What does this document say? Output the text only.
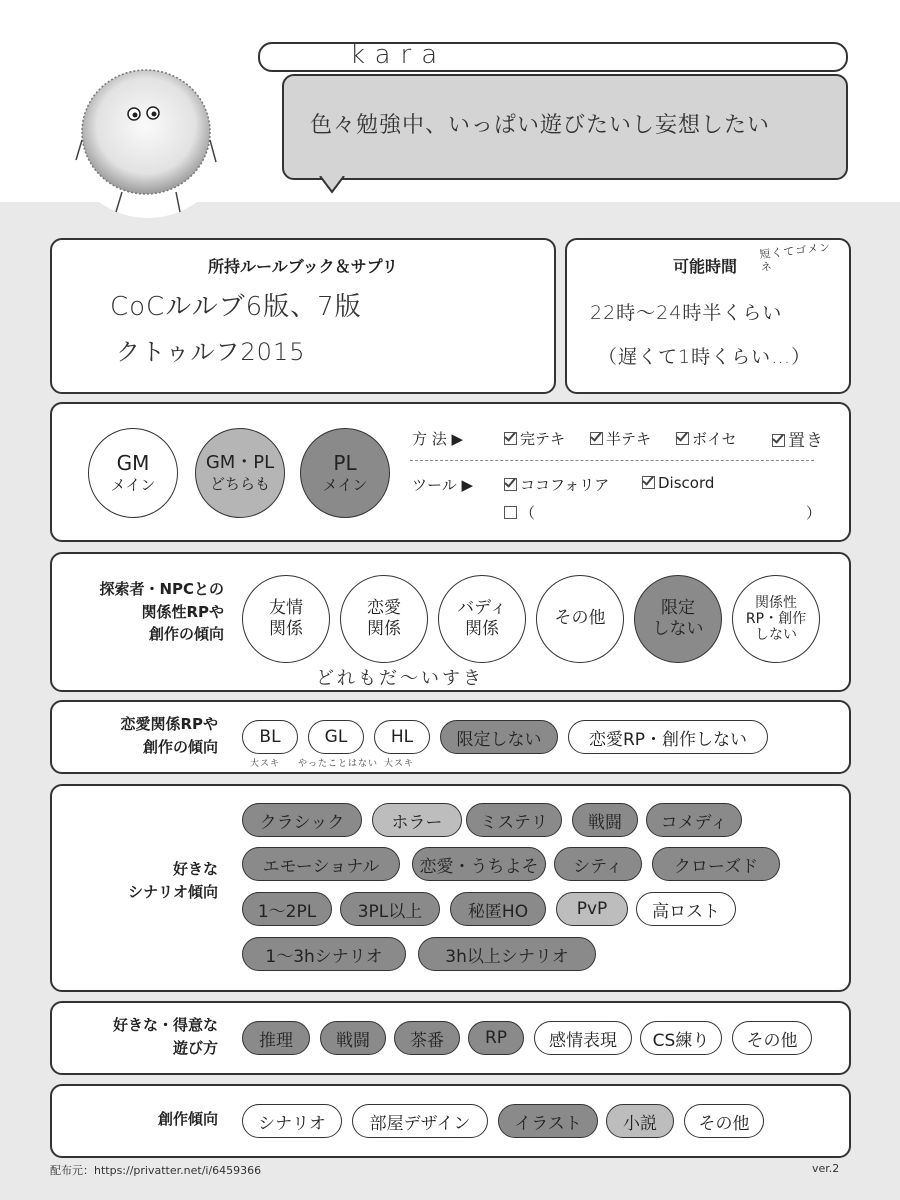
kara
色々勉強中、いっぱい遊びたいし妄想したい
所持ルールブック＆サプリ
CoCルルブ6版、7版
クトゥルフ2015
可能時間
短くてゴメンネ
22時〜24時半くらい
（遅くて1時くらい…）
GM
メイン
GM・PL
どちらも
PL
メイン
方 法 ▶	完テキ	半テキ	ボイセ	置き
ツール ▶	ココフォリア	Discord
（	）
探索者・NPCとの
関係性RPや
創作の傾向
友情
関係
恋愛
関係
バディ
関係
その他
限定
しない
関係性
RP・創作
しない
どれもだ〜いすき
恋愛関係RPや
創作の傾向	BL	GL	HL	限定しない	恋愛RP・創作しない
大スキ やったことはない 大スキ
好きな
シナリオ傾向
クラシック	ホラー	ミステリ	戦闘	コメディ
エモーショナル	恋愛・うちよそ	シティ	クローズド
1〜2PL	3PL以上	秘匿HO	PvP	高ロスト
1〜3hシナリオ	3h以上シナリオ
好きな・得意な
遊び方	推理	戦闘	茶番	RP	感情表現	CS練り	その他
創作傾向	シナリオ	部屋デザイン	イラスト	小説	その他
配布元：https://privatter.net/i/6459366	ver.2
